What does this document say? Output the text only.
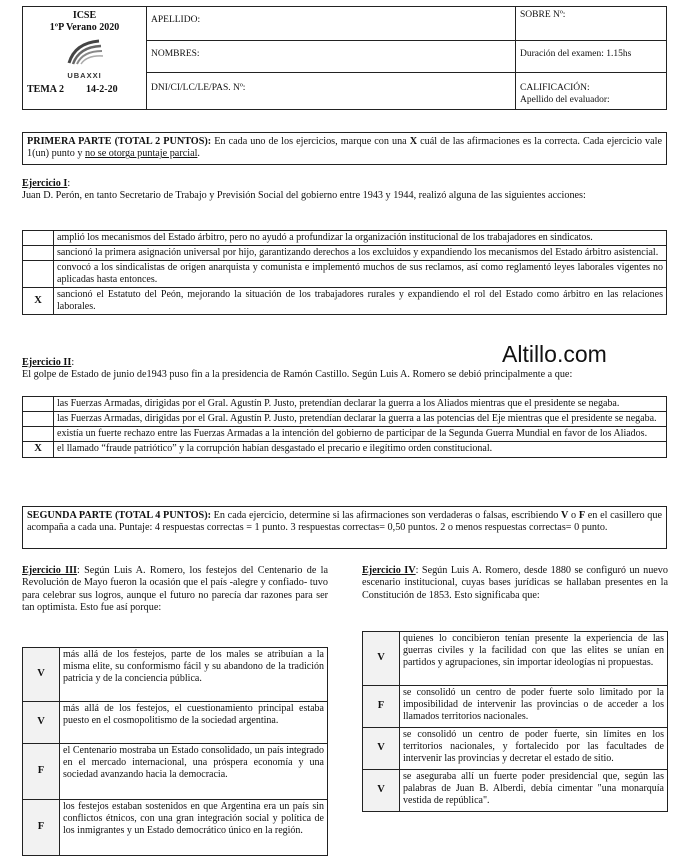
ICSE
1ºP Verano 2020
UBAXXI
TEMA 2 14-2-20	APELLIDO:	SOBRE Nº:
	NOMBRES:	Duración del examen: 1.15hs
	DNI/CI/LC/LE/PAS. Nº:	CALIFICACIÓN:
Apellido del evaluador:
PRIMERA PARTE (TOTAL 2 PUNTOS): En cada uno de los ejercicios, marque con una X cuál de las afirmaciones es la correcta. Cada ejercicio vale 1(un) punto y no se otorga puntaje parcial.
Ejercicio I:
Juan D. Perón, en tanto Secretario de Trabajo y Previsión Social del gobierno entre 1943 y 1944, realizó alguna de las siguientes acciones:
	amplió los mecanismos del Estado árbitro, pero no ayudó a profundizar la organización institucional de los trabajadores en sindicatos.
	sancionó la primera asignación universal por hijo, garantizando derechos a los excluidos y expandiendo los mecanismos del Estado árbitro asistencial.
	convocó a los sindicalistas de origen anarquista y comunista e implementó muchos de sus reclamos, así como reglamentó leyes laborales vigentes no aplicadas hasta entonces.
X	sancionó el Estatuto del Peón, mejorando la situación de los trabajadores rurales y expandiendo el rol del Estado como árbitro en las relaciones laborales.
Altillo.com
Ejercicio II:
El golpe de Estado de junio de1943 puso fin a la presidencia de Ramón Castillo. Según Luis A. Romero se debió principalmente a que:
	las Fuerzas Armadas, dirigidas por el Gral. Agustín P. Justo, pretendían declarar la guerra a los Aliados mientras que el presidente se negaba.
	las Fuerzas Armadas, dirigidas por el Gral. Agustín P. Justo, pretendían declarar la guerra a las potencias del Eje mientras que el presidente se negaba.
	existía un fuerte rechazo entre las Fuerzas Armadas a la intención del gobierno de participar de la Segunda Guerra Mundial en favor de los Aliados.
X	el llamado “fraude patriótico” y la corrupción habían desgastado el precario e ilegítimo orden constitucional.
SEGUNDA PARTE (TOTAL 4 PUNTOS): En cada ejercicio, determine si las afirmaciones son verdaderas o falsas, escribiendo V o F en el casillero que acompaña a cada una. Puntaje: 4 respuestas correctas = 1 punto. 3 respuestas correctas= 0,50 puntos. 2 o menos respuestas correctas= 0 punto.
Ejercicio III: Según Luis A. Romero, los festejos del Centenario de la Revolución de Mayo fueron la ocasión que el país -alegre y confiado- tuvo para celebrar sus logros, aunque el futuro no parecía dar razones para ser tan optimista. Esto fue así porque:
V	más allá de los festejos, parte de los males se atribuían a la misma elite, su conformismo fácil y su abandono de la tradición patricia y de la conciencia pública.
V	más allá de los festejos, el cuestionamiento principal estaba puesto en el cosmopolitismo de la sociedad argentina.
F	el Centenario mostraba un Estado consolidado, un país integrado en el mercado internacional, una próspera economía y una sociedad avanzando hacia la democracia.
F	los festejos estaban sostenidos en que Argentina era un país sin conflictos étnicos, con una gran integración social y política de los inmigrantes y un Estado democrático único en la región.
Ejercicio IV: Según Luis A. Romero, desde 1880 se configuró un nuevo escenario institucional, cuyas bases jurídicas se hallaban presentes en la Constitución de 1853. Esto significaba que:
V	quienes lo concibieron tenían presente la experiencia de las guerras civiles y la facilidad con que las elites se unían en partidos y agrupaciones, sin importar ideologías ni propuestas.
F	se consolidó un centro de poder fuerte solo limitado por la imposibilidad de intervenir las provincias o de acceder a los llamados territorios nacionales.
V	se consolidó un centro de poder fuerte, sin límites en los territorios nacionales, y fortalecido por las facultades de intervenir las provincias y decretar el estado de sitio.
V	se aseguraba allí un fuerte poder presidencial que, según las palabras de Juan B. Alberdi, debía cimentar "una monarquía vestida de república".
